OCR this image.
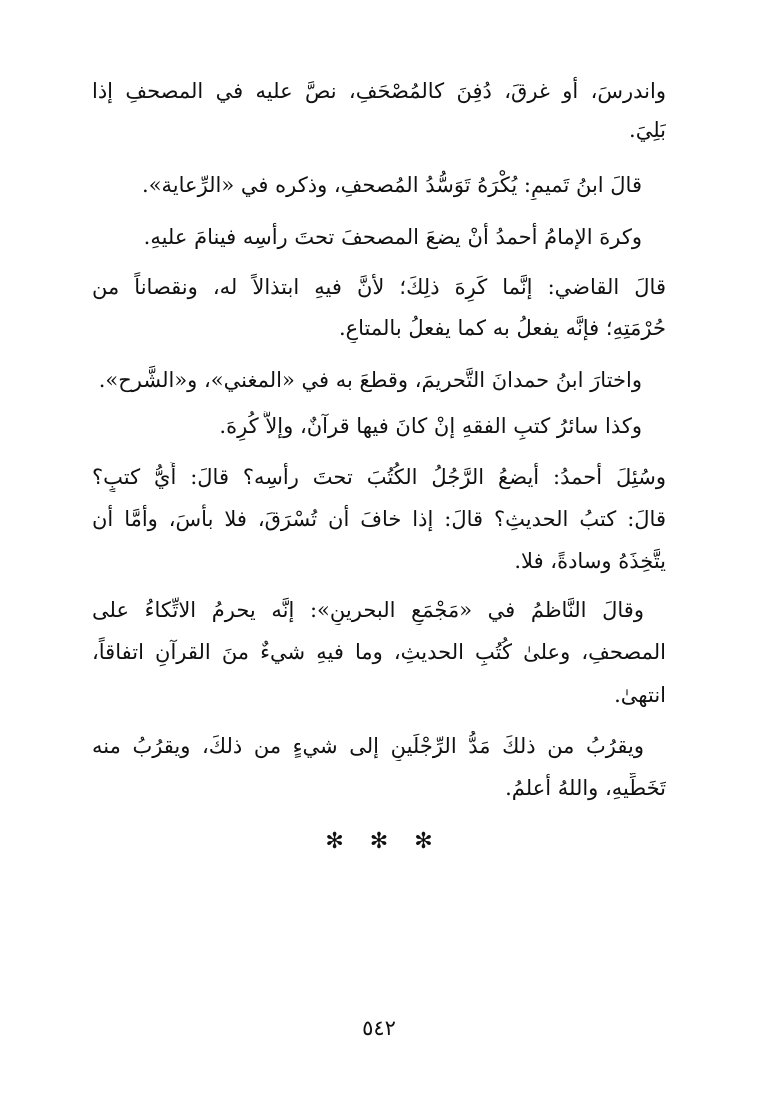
واندرسَ، أو غرقَ، دُفِنَ كالمُصْحَفِ، نصَّ عليه في المصحفِ إذا
بَلِيَ.
قالَ ابنُ تَميمٍ: يُكْرَهُ تَوَسُّدُ المُصحفِ، وذكره في «الرِّعاية».
وكرهَ الإمامُ أحمدُ أنْ يضعَ المصحفَ تحتَ رأسِه فينامَ عليهِ.
قالَ القاضي: إنَّما كَرِهَ ذلِكَ؛ لأنَّ فيهِ ابتذالاً له، ونقصاناً من
حُرْمَتِهِ؛ فإنَّه يفعلُ به كما يفعلُ بالمتاعِ.
واختارَ ابنُ حمدانَ التَّحريمَ، وقطعَ به في «المغني»، و«الشَّرح».
وكذا سائرُ كتبِ الفقهِ إنْ كانَ فيها قرآنٌ، وإلاَّ كُرِهَ.
وسُئِلَ أحمدُ: أيضعُ الرَّجُلُ الكُتُبَ تحتَ رأسِه؟ قالَ: أَيُّ كتبٍ؟
قالَ: كتبُ الحديثِ؟ قالَ: إذا خافَ أن تُسْرَقَ، فلا بأسَ، وأمَّا أن
يتَّخِذَهُ وسادةً، فلا.
وقالَ النَّاظمُ في «مَجْمَعِ البحرينِ»: إنَّه يحرمُ الاتِّكاءُ على
المصحفِ، وعلىٰ كُتُبِ الحديثِ، وما فيهِ شيءٌ منَ القرآنِ اتفاقاً،
انتهىٰ.
ويقرُبُ من ذلكَ مَدُّ الرِّجْلَينِ إلى شيءٍ من ذلكَ، ويقرُبُ منه
تَخَطِّيهِ، واللهُ أعلمُ.
✻✻✻
٥٤٢
